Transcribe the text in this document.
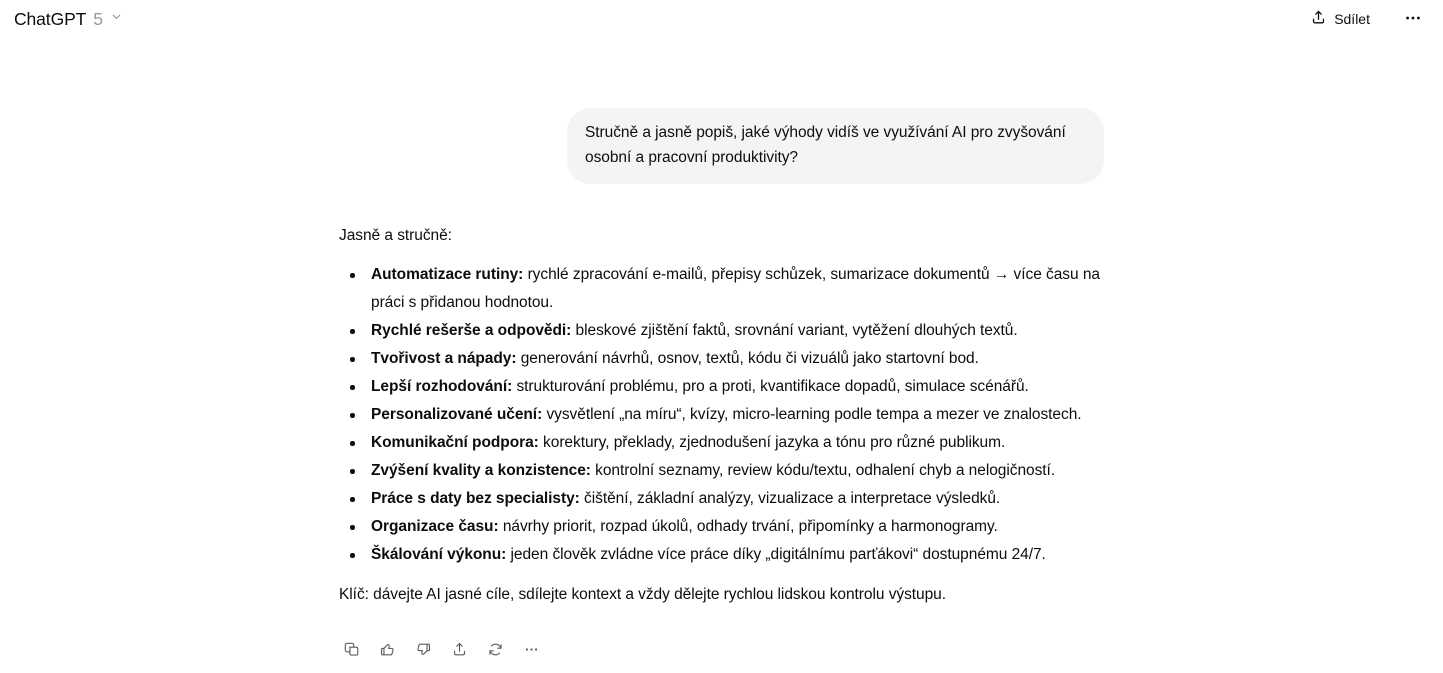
ChatGPT 5	Sdílet
Stručně a jasně popiš, jaké výhody vidíš ve využívání AI pro zvyšování osobní a pracovní produktivity?

Jasně a stručně:

Automatizace rutiny: rychlé zpracování e-mailů, přepisy schůzek, sumarizace dokumentů → více času na práci s přidanou hodnotou.
Rychlé rešerše a odpovědi: bleskové zjištění faktů, srovnání variant, vytěžení dlouhých textů.
Tvořivost a nápady: generování návrhů, osnov, textů, kódu či vizuálů jako startovní bod.
Lepší rozhodování: strukturování problému, pro a proti, kvantifikace dopadů, simulace scénářů.
Personalizované učení: vysvětlení „na míru“, kvízy, micro-learning podle tempa a mezer ve znalostech.
Komunikační podpora: korektury, překlady, zjednodušení jazyka a tónu pro různé publikum.
Zvýšení kvality a konzistence: kontrolní seznamy, review kódu/textu, odhalení chyb a nelogičností.
Práce s daty bez specialisty: čištění, základní analýzy, vizualizace a interpretace výsledků.
Organizace času: návrhy priorit, rozpad úkolů, odhady trvání, připomínky a harmonogramy.
Škálování výkonu: jeden člověk zvládne více práce díky „digitálnímu parťákovi“ dostupnému 24/7.

Klíč: dávejte AI jasné cíle, sdílejte kontext a vždy dělejte rychlou lidskou kontrolu výstupu.
